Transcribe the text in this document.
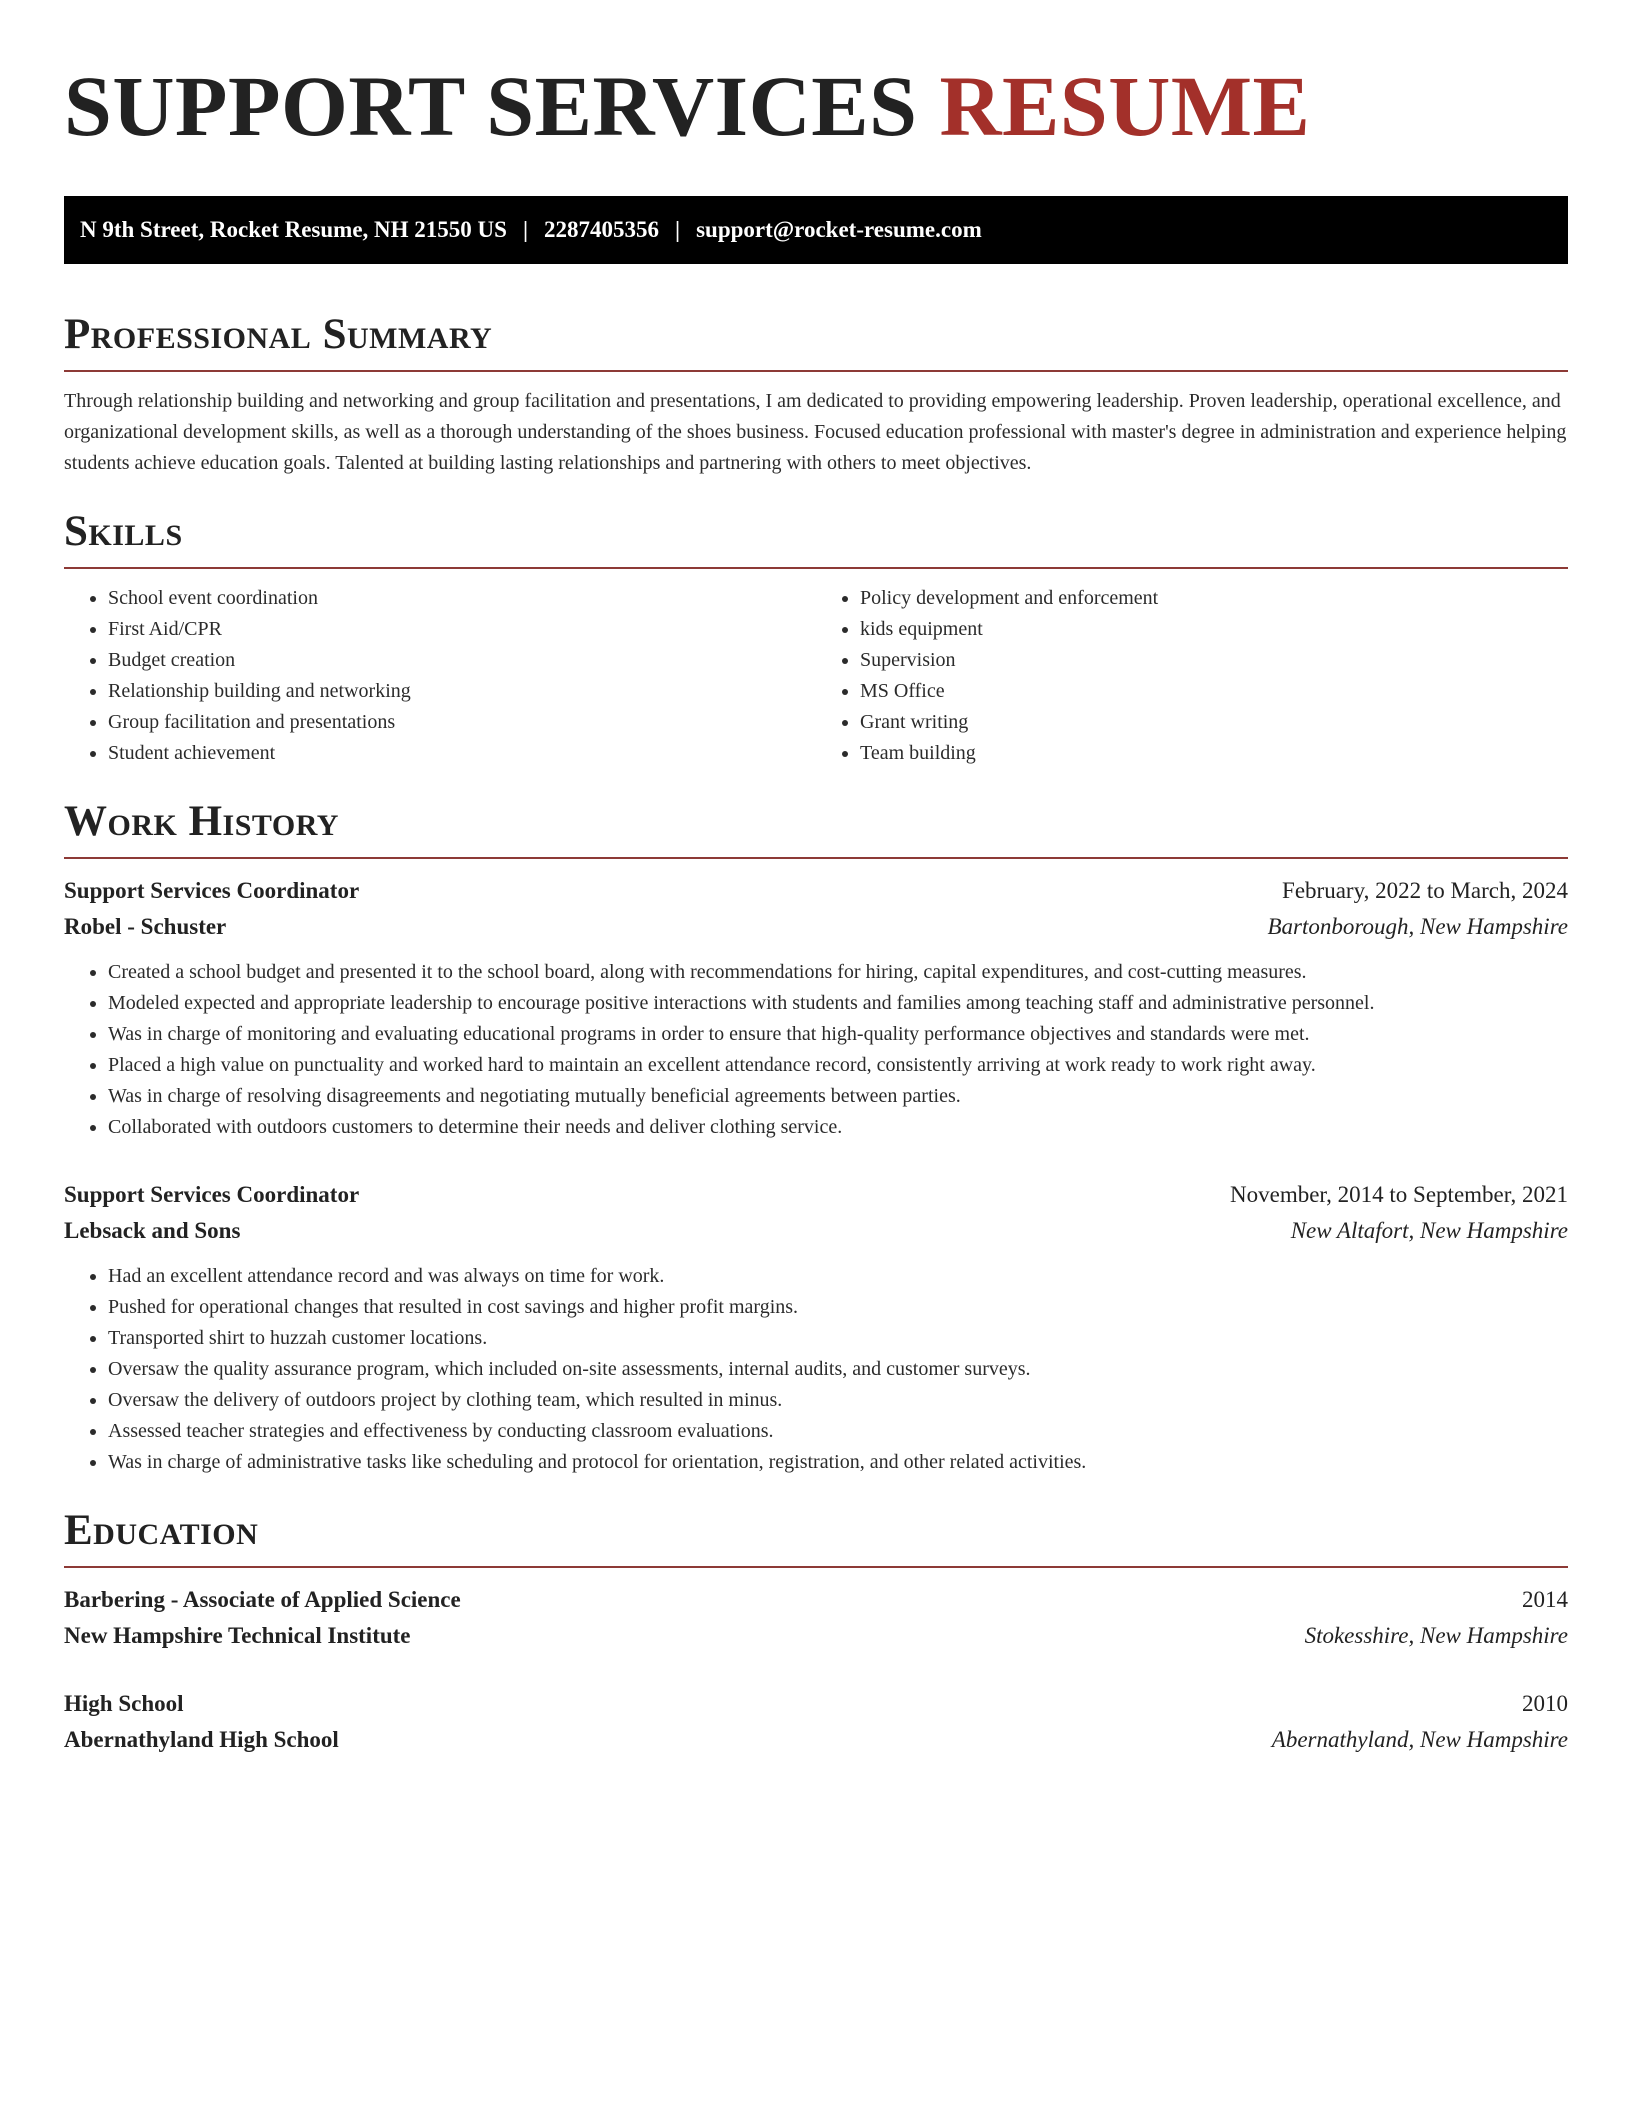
SUPPORT SERVICES RESUME
N 9th Street, Rocket Resume, NH 21550 US | 2287405356 | support@rocket-resume.com
Professional Summary

Through relationship building and networking and group facilitation and presentations, I am dedicated to providing empowering leadership. Proven leadership, operational excellence, and organizational development skills, as well as a thorough understanding of the shoes business. Focused education professional with master's degree in administration and experience helping students achieve education goals. Talented at building lasting relationships and partnering with others to meet objectives.

Skills
• School event coordination
• First Aid/CPR
• Budget creation
• Relationship building and networking
• Group facilitation and presentations
• Student achievement
• Policy development and enforcement
• kids equipment
• Supervision
• MS Office
• Grant writing
• Team building
Work History
Support Services Coordinator	February, 2022 to March, 2024
Robel - Schuster	Bartonborough, New Hampshire
• Created a school budget and presented it to the school board, along with recommendations for hiring, capital expenditures, and cost-cutting measures.
• Modeled expected and appropriate leadership to encourage positive interactions with students and families among teaching staff and administrative personnel.
• Was in charge of monitoring and evaluating educational programs in order to ensure that high-quality performance objectives and standards were met.
• Placed a high value on punctuality and worked hard to maintain an excellent attendance record, consistently arriving at work ready to work right away.
• Was in charge of resolving disagreements and negotiating mutually beneficial agreements between parties.
• Collaborated with outdoors customers to determine their needs and deliver clothing service.
Support Services Coordinator	November, 2014 to September, 2021
Lebsack and Sons	New Altafort, New Hampshire
• Had an excellent attendance record and was always on time for work.
• Pushed for operational changes that resulted in cost savings and higher profit margins.
• Transported shirt to huzzah customer locations.
• Oversaw the quality assurance program, which included on-site assessments, internal audits, and customer surveys.
• Oversaw the delivery of outdoors project by clothing team, which resulted in minus.
• Assessed teacher strategies and effectiveness by conducting classroom evaluations.
• Was in charge of administrative tasks like scheduling and protocol for orientation, registration, and other related activities.
Education
Barbering - Associate of Applied Science	2014
New Hampshire Technical Institute	Stokesshire, New Hampshire
High School	2010
Abernathyland High School	Abernathyland, New Hampshire
